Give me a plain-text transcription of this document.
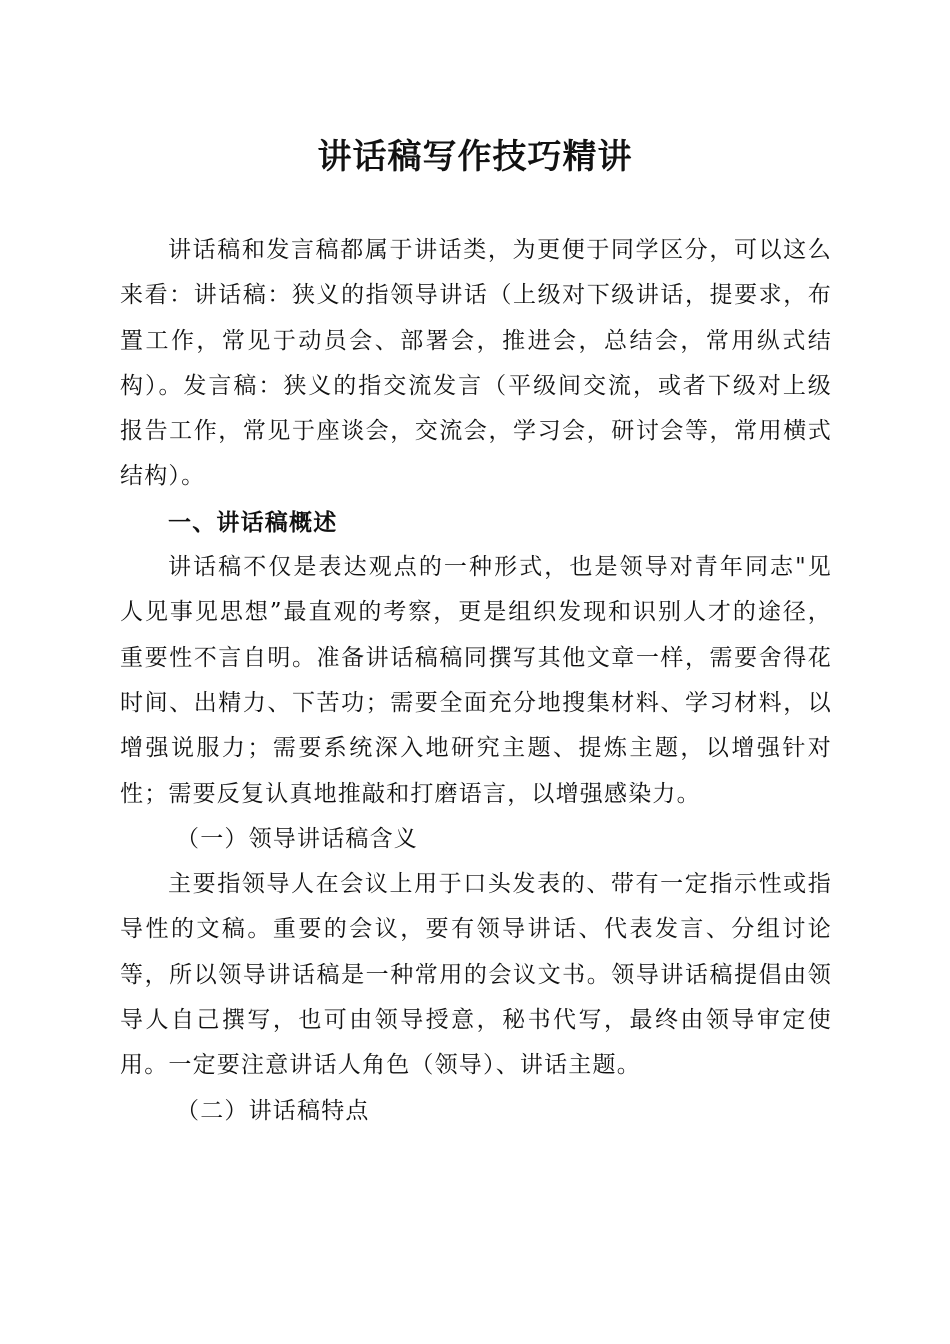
讲话稿写作技巧精讲

讲话稿和发言稿都属于讲话类，为更便于同学区分，可以这么来看：讲话稿：狭义的指领导讲话（上级对下级讲话，提要求，布置工作，常见于动员会、部署会，推进会，总结会，常用纵式结构）。发言稿：狭义的指交流发言（平级间交流，或者下级对上级报告工作，常见于座谈会，交流会，学习会，研讨会等，常用横式结构）。

一、讲话稿概述

讲话稿不仅是表达观点的一种形式，也是领导对青年同志"见人见事见思想”最直观的考察，更是组织发现和识别人才的途径，重要性不言自明。准备讲话稿稿同撰写其他文章一样，需要舍得花时间、出精力、下苦功；需要全面充分地搜集材料、学习材料，以增强说服力；需要系统深入地研究主题、提炼主题，以增强针对性；需要反复认真地推敲和打磨语言，以增强感染力。

（一）领导讲话稿含义

主要指领导人在会议上用于口头发表的、带有一定指示性或指导性的文稿。重要的会议，要有领导讲话、代表发言、分组讨论等，所以领导讲话稿是一种常用的会议文书。领导讲话稿提倡由领导人自己撰写，也可由领导授意，秘书代写，最终由领导审定使用。一定要注意讲话人角色（领导）、讲话主题。

（二）讲话稿特点
